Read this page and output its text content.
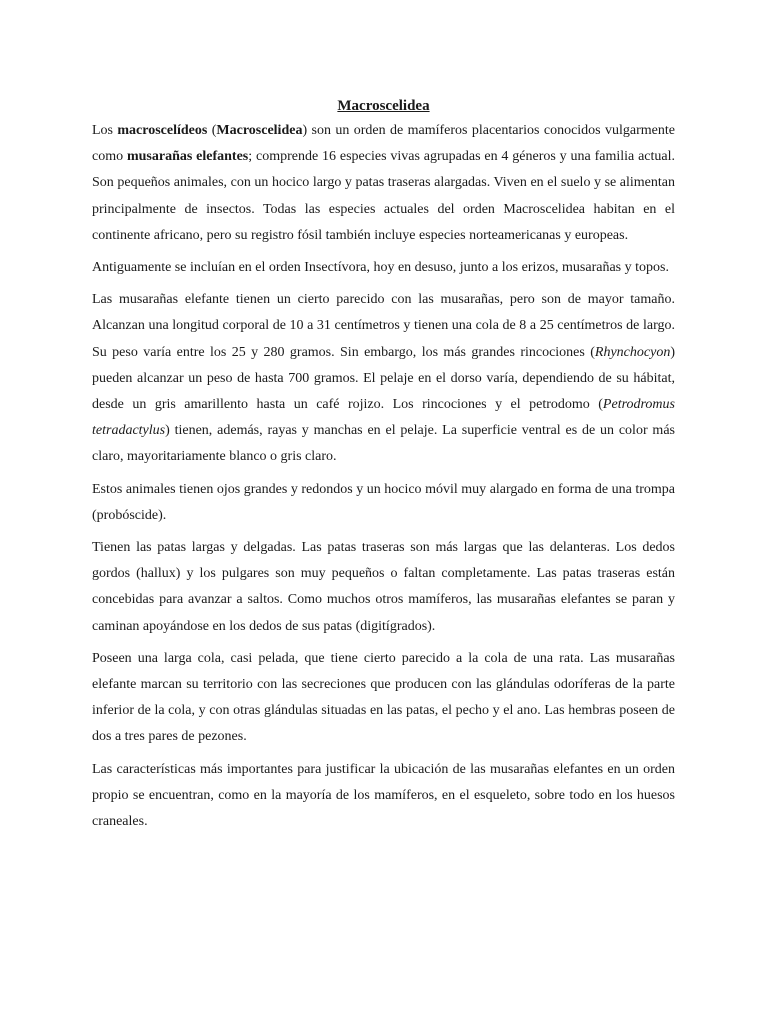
Macroscelidea

Los macroscelídeos (Macroscelidea) son un orden de mamíferos placentarios conocidos vulgarmente como musarañas elefantes; comprende 16 especies vivas agrupadas en 4 géneros y una familia actual. Son pequeños animales, con un hocico largo y patas traseras alargadas. Viven en el suelo y se alimentan principalmente de insectos. Todas las especies actuales del orden Macroscelidea habitan en el continente africano, pero su registro fósil también incluye especies norteamericanas y europeas.

Antiguamente se incluían en el orden Insectívora, hoy en desuso, junto a los erizos, musarañas y topos.

Las musarañas elefante tienen un cierto parecido con las musarañas, pero son de mayor tamaño. Alcanzan una longitud corporal de 10 a 31 centímetros y tienen una cola de 8 a 25 centímetros de largo. Su peso varía entre los 25 y 280 gramos. Sin embargo, los más grandes rincociones (Rhynchocyon) pueden alcanzar un peso de hasta 700 gramos. El pelaje en el dorso varía, dependiendo de su hábitat, desde un gris amarillento hasta un café rojizo. Los rincociones y el petrodomo (Petrodromus tetradactylus) tienen, además, rayas y manchas en el pelaje. La superficie ventral es de un color más claro, mayoritariamente blanco o gris claro.

Estos animales tienen ojos grandes y redondos y un hocico móvil muy alargado en forma de una trompa (probóscide).

Tienen las patas largas y delgadas. Las patas traseras son más largas que las delanteras. Los dedos gordos (hallux) y los pulgares son muy pequeños o faltan completamente. Las patas traseras están concebidas para avanzar a saltos. Como muchos otros mamíferos, las musarañas elefantes se paran y caminan apoyándose en los dedos de sus patas (digitígrados).

Poseen una larga cola, casi pelada, que tiene cierto parecido a la cola de una rata. Las musarañas elefante marcan su territorio con las secreciones que producen con las glándulas odoríferas de la parte inferior de la cola, y con otras glándulas situadas en las patas, el pecho y el ano. Las hembras poseen de dos a tres pares de pezones.

Las características más importantes para justificar la ubicación de las musarañas elefantes en un orden propio se encuentran, como en la mayoría de los mamíferos, en el esqueleto, sobre todo en los huesos craneales.
